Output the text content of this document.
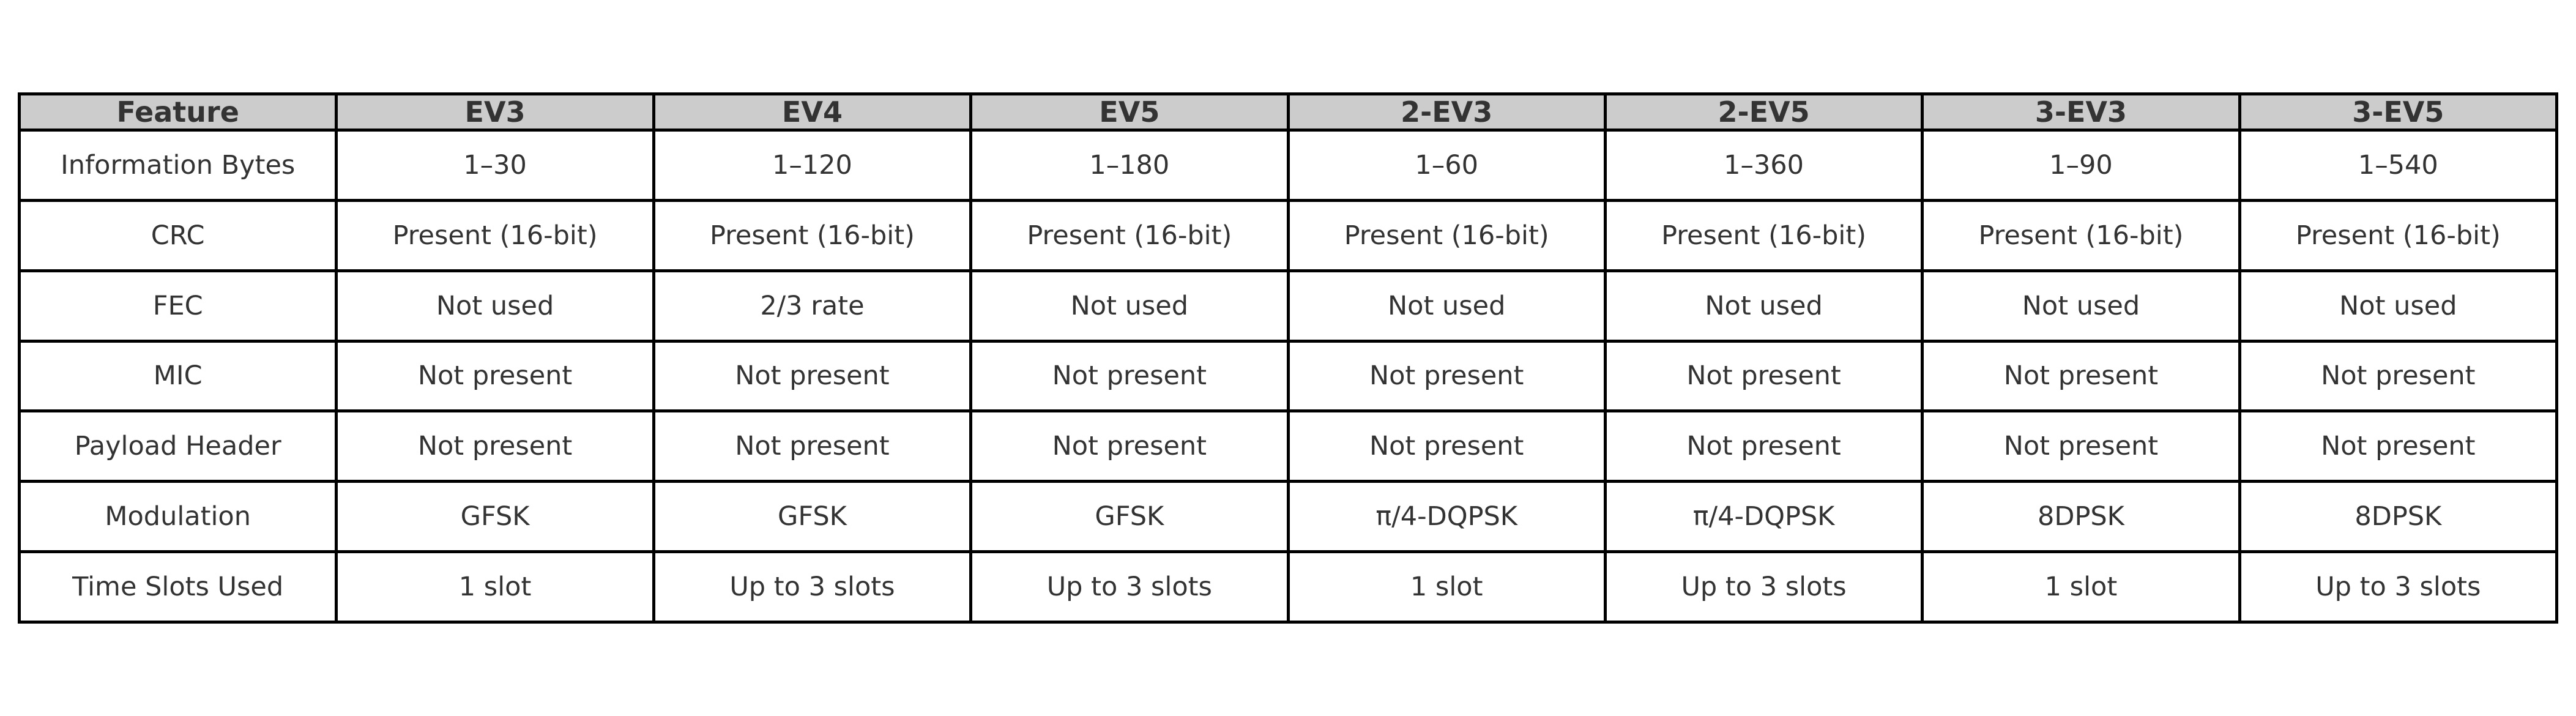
Feature	EV3	EV4	EV5	2-EV3	2-EV5	3-EV3	3-EV5
Information Bytes	1–30	1–120	1–180	1–60	1–360	1–90	1–540
CRC	Present (16-bit)	Present (16-bit)	Present (16-bit)	Present (16-bit)	Present (16-bit)	Present (16-bit)	Present (16-bit)
FEC	Not used	2/3 rate	Not used	Not used	Not used	Not used	Not used
MIC	Not present	Not present	Not present	Not present	Not present	Not present	Not present
Payload Header	Not present	Not present	Not present	Not present	Not present	Not present	Not present
Modulation	GFSK	GFSK	GFSK	π/4-DQPSK	π/4-DQPSK	8DPSK	8DPSK
Time Slots Used	1 slot	Up to 3 slots	Up to 3 slots	1 slot	Up to 3 slots	1 slot	Up to 3 slots
